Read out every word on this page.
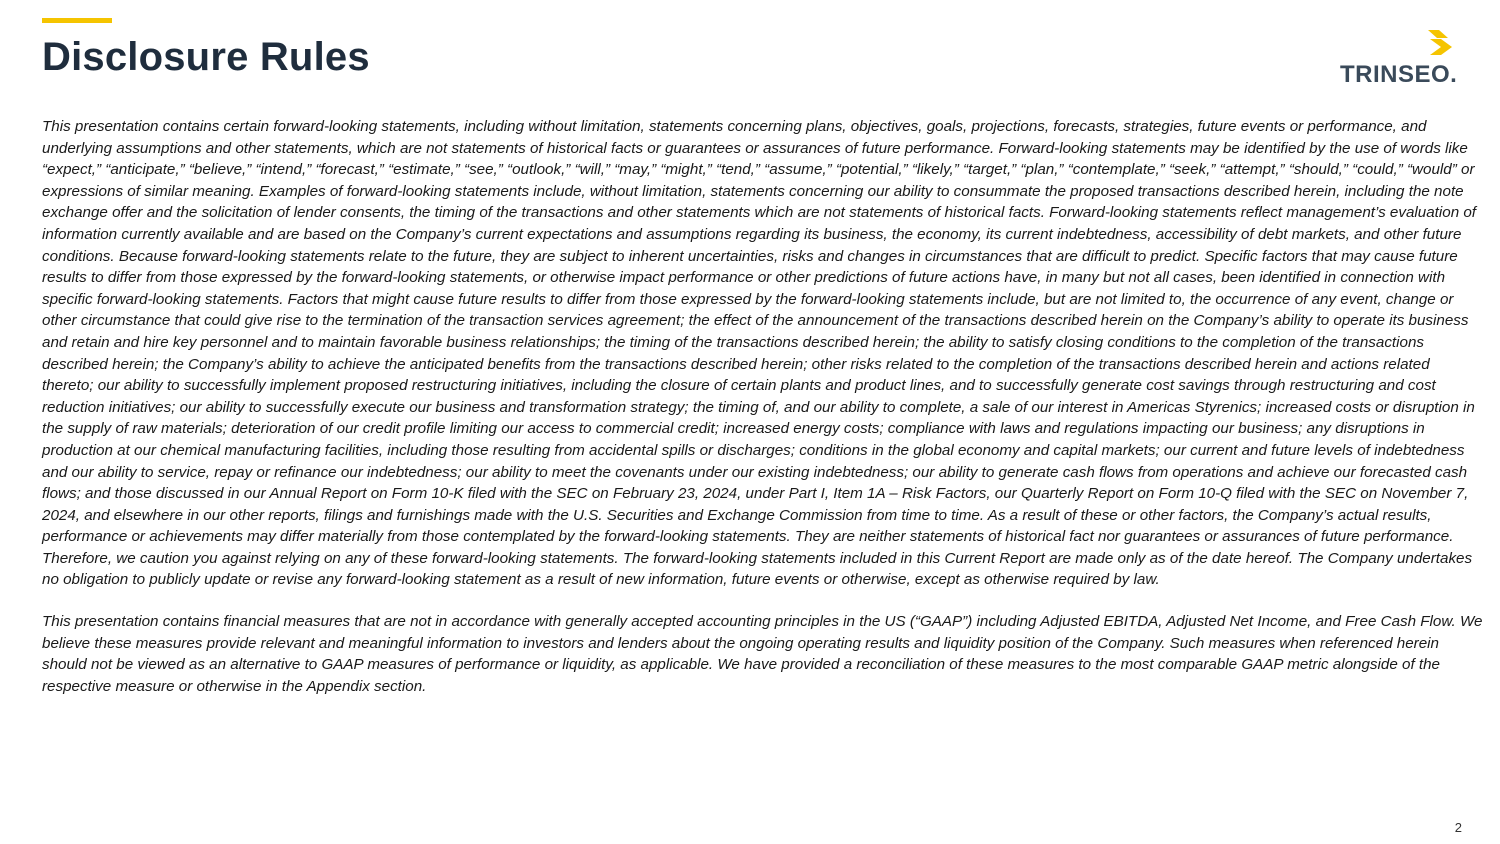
Disclosure Rules	TRINSEO.

This presentation contains certain forward-looking statements, including without limitation, statements concerning plans, objectives, goals, projections, forecasts, strategies, future events or performance, and underlying assumptions and other statements, which are not statements of historical facts or guarantees or assurances of future performance. Forward-looking statements may be identified by the use of words like “expect,” “anticipate,” “believe,” “intend,” “forecast,” “estimate,” “see,” “outlook,” “will,” “may,” “might,” “tend,” “assume,” “potential,” “likely,” “target,” “plan,” “contemplate,” “seek,” “attempt,” “should,” “could,” “would” or expressions of similar meaning. Examples of forward-looking statements include, without limitation, statements concerning our ability to consummate the proposed transactions described herein, including the note exchange offer and the solicitation of lender consents, the timing of the transactions and other statements which are not statements of historical facts. Forward-looking statements reflect management’s evaluation of information currently available and are based on the Company’s current expectations and assumptions regarding its business, the economy, its current indebtedness, accessibility of debt markets, and other future conditions. Because forward-looking statements relate to the future, they are subject to inherent uncertainties, risks and changes in circumstances that are difficult to predict. Specific factors that may cause future results to differ from those expressed by the forward-looking statements, or otherwise impact performance or other predictions of future actions have, in many but not all cases, been identified in connection with specific forward-looking statements. Factors that might cause future results to differ from those expressed by the forward-looking statements include, but are not limited to, the occurrence of any event, change or other circumstance that could give rise to the termination of the transaction services agreement; the effect of the announcement of the transactions described herein on the Company’s ability to operate its business and retain and hire key personnel and to maintain favorable business relationships; the timing of the transactions described herein; the ability to satisfy closing conditions to the completion of the transactions described herein; the Company’s ability to achieve the anticipated benefits from the transactions described herein; other risks related to the completion of the transactions described herein and actions related thereto; our ability to successfully implement proposed restructuring initiatives, including the closure of certain plants and product lines, and to successfully generate cost savings through restructuring and cost reduction initiatives; our ability to successfully execute our business and transformation strategy; the timing of, and our ability to complete, a sale of our interest in Americas Styrenics; increased costs or disruption in the supply of raw materials; deterioration of our credit profile limiting our access to commercial credit; increased energy costs; compliance with laws and regulations impacting our business; any disruptions in production at our chemical manufacturing facilities, including those resulting from accidental spills or discharges; conditions in the global economy and capital markets; our current and future levels of indebtedness and our ability to service, repay or refinance our indebtedness; our ability to meet the covenants under our existing indebtedness; our ability to generate cash flows from operations and achieve our forecasted cash flows; and those discussed in our Annual Report on Form 10-K filed with the SEC on February 23, 2024, under Part I, Item 1A – Risk Factors, our Quarterly Report on Form 10-Q filed with the SEC on November 7, 2024, and elsewhere in our other reports, filings and furnishings made with the U.S. Securities and Exchange Commission from time to time. As a result of these or other factors, the Company’s actual results, performance or achievements may differ materially from those contemplated by the forward-looking statements. They are neither statements of historical fact nor guarantees or assurances of future performance. Therefore, we caution you against relying on any of these forward-looking statements. The forward-looking statements included in this Current Report are made only as of the date hereof. The Company undertakes no obligation to publicly update or revise any forward-looking statement as a result of new information, future events or otherwise, except as otherwise required by law.

This presentation contains financial measures that are not in accordance with generally accepted accounting principles in the US (“GAAP”) including Adjusted EBITDA, Adjusted Net Income, and Free Cash Flow. We believe these measures provide relevant and meaningful information to investors and lenders about the ongoing operating results and liquidity position of the Company. Such measures when referenced herein should not be viewed as an alternative to GAAP measures of performance or liquidity, as applicable. We have provided a reconciliation of these measures to the most comparable GAAP metric alongside of the respective measure or otherwise in the Appendix section.

2
